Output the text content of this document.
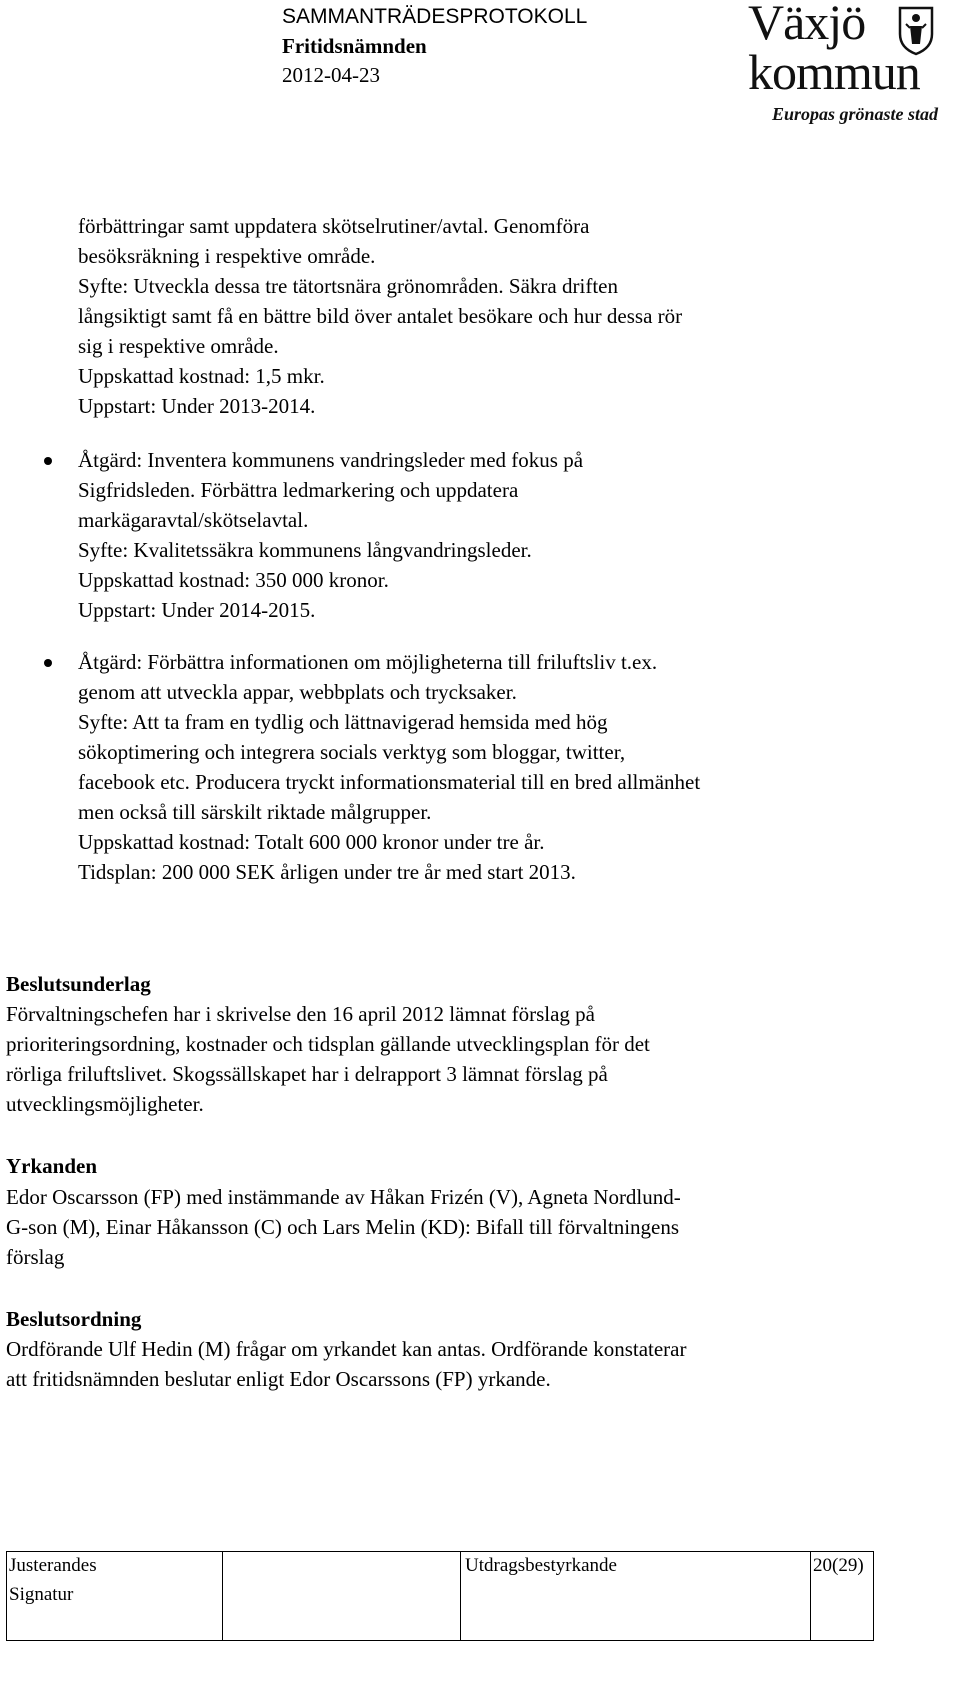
SAMMANTRÄDESPROTOKOLL
Fritidsnämnden
2012-04-23
Växjö
kommun
Europas grönaste stad
förbättringar samt uppdatera skötselrutiner/avtal. Genomföra
besöksräkning i respektive område.
Syfte: Utveckla dessa tre tätortsnära grönområden. Säkra driften
långsiktigt samt få en bättre bild över antalet besökare och hur dessa rör
sig i respektive område.
Uppskattad kostnad: 1,5 mkr.
Uppstart: Under 2013-2014.
Åtgärd: Inventera kommunens vandringsleder med fokus på
Sigfridsleden. Förbättra ledmarkering och uppdatera
markägaravtal/skötselavtal.
Syfte: Kvalitetssäkra kommunens långvandringsleder.
Uppskattad kostnad: 350 000 kronor.
Uppstart: Under 2014-2015.
Åtgärd: Förbättra informationen om möjligheterna till friluftsliv t.ex.
genom att utveckla appar, webbplats och trycksaker.
Syfte: Att ta fram en tydlig och lättnavigerad hemsida med hög
sökoptimering och integrera socials verktyg som bloggar, twitter,
facebook etc. Producera tryckt informationsmaterial till en bred allmänhet
men också till särskilt riktade målgrupper.
Uppskattad kostnad: Totalt 600 000 kronor under tre år.
Tidsplan: 200 000 SEK årligen under tre år med start 2013.
Beslutsunderlag
Förvaltningschefen har i skrivelse den 16 april 2012 lämnat förslag på
prioriteringsordning, kostnader och tidsplan gällande utvecklingsplan för det
rörliga friluftslivet. Skogssällskapet har i delrapport 3 lämnat förslag på
utvecklingsmöjligheter.
Yrkanden
Edor Oscarsson (FP) med instämmande av Håkan Frizén (V), Agneta Nordlund-
G-son (M), Einar Håkansson (C) och Lars Melin (KD): Bifall till förvaltningens
förslag
Beslutsordning
Ordförande Ulf Hedin (M) frågar om yrkandet kan antas. Ordförande konstaterar
att fritidsnämnden beslutar enligt Edor Oscarssons (FP) yrkande.
Justerandes
Signatur
Utdragsbestyrkande	20(29)
